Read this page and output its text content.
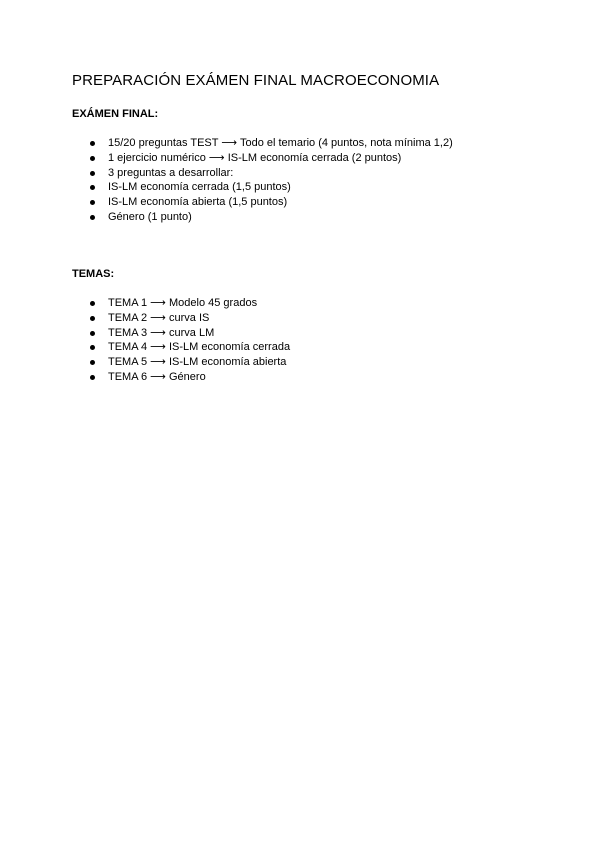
PREPARACIÓN EXÁMEN FINAL MACROECONOMIA
EXÁMEN FINAL:
15/20 preguntas TEST ⟶ Todo el temario (4 puntos, nota mínima 1,2)
1 ejercicio numérico ⟶ IS-LM economía cerrada (2 puntos)
3 preguntas a desarrollar:
IS-LM economía cerrada (1,5 puntos)
IS-LM economía abierta (1,5 puntos)
Género (1 punto)
TEMAS:
TEMA 1 ⟶ Modelo 45 grados
TEMA 2 ⟶ curva IS
TEMA 3 ⟶ curva LM
TEMA 4 ⟶ IS-LM economía cerrada
TEMA 5 ⟶ IS-LM economía abierta
TEMA 6 ⟶ Género
